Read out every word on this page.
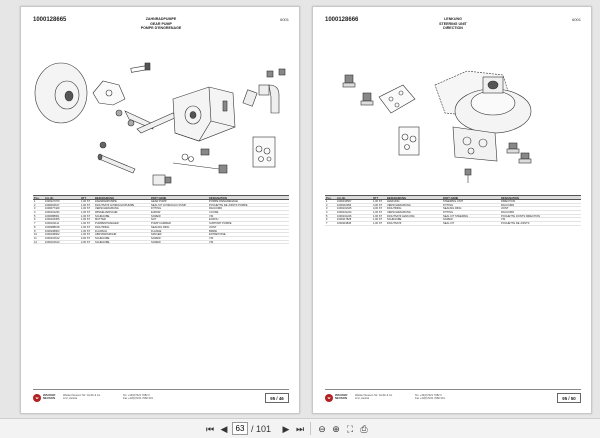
1000128665	6001
ZAHNRADPUMPE
GEAR PUMP
POMPE D'ENGRENAGE
Pos.	Art.-Nr.	QTY	BEZEICHNUNG	PART NAME	DESIGNATION
1	1000127373	1,00 ST	ZAHNRADPUMPE	GEAR PUMP	POMPE D'ENGRENAGE
2	1000004617	1,00 ST	DICHTSATZ HYDRAULIKPUMPE	SEAL KIT HYDRAULIC PUMP	POCHETTE DE JOINTS POMPE
3	1000077429	1,00 ST	VERSCHRAUBUNG	FITTING	RACCORD
4	1000101234	1,00 ST	WINKELVERSCHR.	ELBOW	COUDE
5	1000088001	1,00 ST	SCHRAUBE	SCREW	VIS
6	1000102365	1,00 ST	MUTTER	NUT	ECROU
7	1000104111	1,00 ST	PUMPENTRAEGER	PUMP CARRIER	SUPPORT POMPE
8	1000088108	1,00 ST	DICHTRING	SEALING RING	JOINT
9	1000108003	1,00 ST	FLANSCH	FLANGE	BRIDE
10	1000108002	1,00 ST	ABSTANDSROHR	SPACER	ENTRETOISE
11	1000101612	2,00 ST	SCHRAUBE	SCREW	VIS
12	1000101613	2,00 ST	SCHRAUBE	SCREW	VIS
W
WACKER
NEUSON
Wacker Neuson Str. Gmbh & Co
Linz, Austria
Tel. +43(0)7221 7082 0
Fax +43(0)7221 7082 001	95 / 46
1000128666	6001
LENKUNG
STEERING UNIT
DIRECTION
Pos.	Art.-Nr.	QTY	BEZEICHNUNG	PART NAME	DESIGNATION
1	1000134507	1,00 ST	LENKUNG	STEERING UNIT	DIRECTION
2	1000110054	4,00 ST	VERSCHRAUBUNG	FITTING	RACCORD
3	1000101645	4,00 ST	DICHTRING	SEALING RING	JOINT
4	1000101244	1,00 ST	VERSCHRAUBUNG	FITTING	RACCORD
5	1000101246	1,00 ST	DICHTSATZ LENKUNG	SEAL KIT STEERING	POCHETTE JOINTS DIRECTION
6	1000117825	1,00 ST	SCHRAUBE	SCREW	VIS
7	1000119845	1,00 ST	DICHTSATZ	SEAL KIT	POCHETTE DE JOINTS
W
WACKER
NEUSON
Wacker Neuson Str. Gmbh & Co
Linz, Austria
Tel. +43(0)7221 7082 0
Fax +43(0)7221 7082 001	95 / 50
⏮ ◀
63	/ 101	▶ ⏭ ⊖ ⊕ ⛶ ⎙
